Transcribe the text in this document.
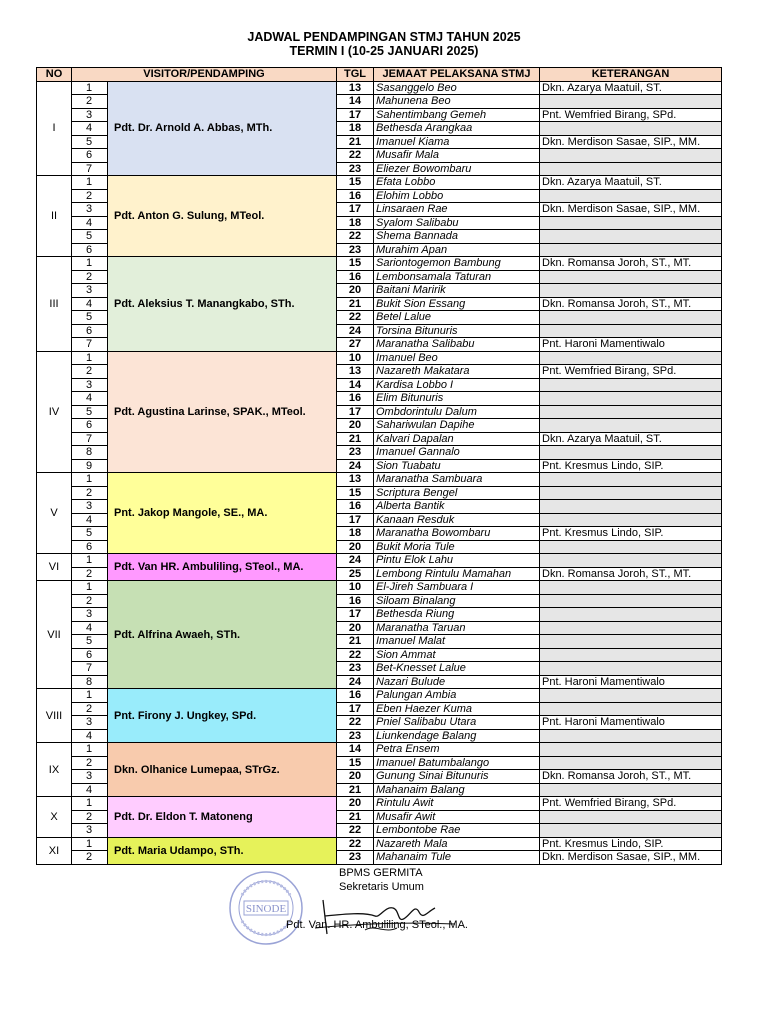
JADWAL PENDAMPINGAN STMJ TAHUN 2025
TERMIN I (10-25 JANUARI 2025)
NO	VISITOR/PENDAMPING		TGL	JEMAAT PELAKSANA STMJ	KETERANGAN
I	1	Pdt. Dr. Arnold A. Abbas, MTh.	13	Sasanggelo Beo	Dkn. Azarya Maatuil, ST.
	2		14	Mahunena Beo	
	3		17	Sahentimbang Gemeh	Pnt. Wemfried Birang, SPd.
	4		18	Bethesda Arangkaa	
	5		21	Imanuel Kiama	Dkn. Merdison Sasae, SIP., MM.
	6		22	Musafir Mala	
	7		23	Eliezer Bowombaru	
II	1	Pdt. Anton G. Sulung, MTeol.	15	Efata Lobbo	Dkn. Azarya Maatuil, ST.
	2		16	Elohim Lobbo	
	3		17	Linsaraen Rae	Dkn. Merdison Sasae, SIP., MM.
	4		18	Syalom Salibabu	
	5		22	Shema Bannada	
	6		23	Murahim Apan	
III	1	Pdt. Aleksius T. Manangkabo, STh.	15	Sariontogemon Bambung	Dkn. Romansa Joroh, ST., MT.
	2		16	Lembonsamala Taturan	
	3		20	Baitani Maririk	
	4		21	Bukit Sion Essang	Dkn. Romansa Joroh, ST., MT.
	5		22	Betel Lalue	
	6		24	Torsina Bitunuris	
	7		27	Maranatha Salibabu	Pnt. Haroni Mamentiwalo
IV	1	Pdt. Agustina Larinse, SPAK., MTeol.	10	Imanuel Beo	
	2		13	Nazareth Makatara	Pnt. Wemfried Birang, SPd.
	3		14	Kardisa Lobbo I	
	4		16	Elim Bitunuris	
	5		17	Ombdorintulu Dalum	
	6		20	Sahariwulan Dapihe	
	7		21	Kalvari Dapalan	Dkn. Azarya Maatuil, ST.
	8		23	Imanuel Gannalo	
	9		24	Sion Tuabatu	Pnt. Kresmus Lindo, SIP.
V	1	Pnt. Jakop Mangole, SE., MA.	13	Maranatha Sambuara	
	2		15	Scriptura Bengel	
	3		16	Alberta Bantik	
	4		17	Kanaan Resduk	
	5		18	Maranatha Bowombaru	Pnt. Kresmus Lindo, SIP.
	6		20	Bukit Moria Tule	
VI	1	Pdt. Van HR. Ambuliling, STeol., MA.	24	Pintu Elok Lahu	
	2		25	Lembong Rintulu Mamahan	Dkn. Romansa Joroh, ST., MT.
VII	1	Pdt. Alfrina Awaeh, STh.	10	El-Jireh Sambuara I	
	2		16	Siloam Binalang	
	3		17	Bethesda Riung	
	4		20	Maranatha Taruan	
	5		21	Imanuel Malat	
	6		22	Sion Ammat	
	7		23	Bet-Knesset Lalue	
	8		24	Nazari Bulude	Pnt. Haroni Mamentiwalo
VIII	1	Pnt. Firony J. Ungkey, SPd.	16	Palungan Ambia	
	2		17	Eben Haezer Kuma	
	3		22	Pniel Salibabu Utara	Pnt. Haroni Mamentiwalo
	4		23	Liunkendage Balang	
IX	1	Dkn. Olhanice Lumepaa, STrGz.	14	Petra Ensem	
	2		15	Imanuel Batumbalango	
	3		20	Gunung Sinai Bitunuris	Dkn. Romansa Joroh, ST., MT.
	4		21	Mahanaim Balang	
X	1	Pdt. Dr. Eldon T. Matoneng	20	Rintulu Awit	Pnt. Wemfried Birang, SPd.
	2		21	Musafir Awit	
	3		22	Lembontobe Rae	
XI	1	Pdt. Maria Udampo, STh.	22	Nazareth Mala	Pnt. Kresmus Lindo, SIP.
	2		23	Mahanaim Tule	Dkn. Merdison Sasae, SIP., MM.
SINODE
BPMS GERMITA
Sekretaris Umum
Pdt. Van. HR. Ambuliling, STeol., MA.
